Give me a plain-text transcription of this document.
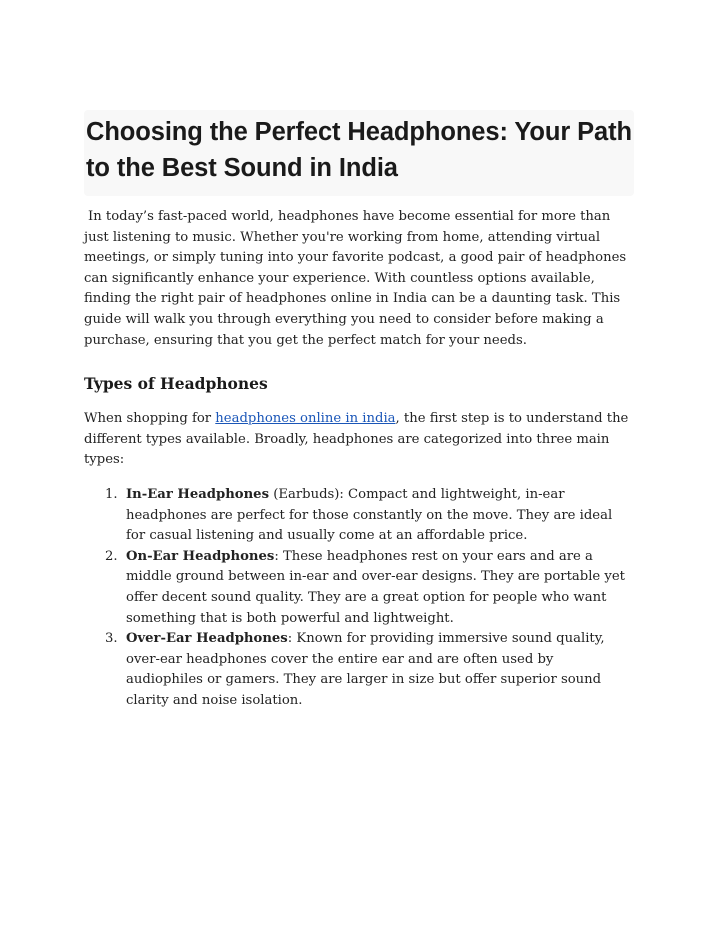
Choosing the Perfect Headphones: Your Path to the Best Sound in India

In today’s fast-paced world, headphones have become essential for more than just listening to music. Whether you're working from home, attending virtual meetings, or simply tuning into your favorite podcast, a good pair of headphones can significantly enhance your experience. With countless options available, finding the right pair of headphones online in India can be a daunting task. This guide will walk you through everything you need to consider before making a purchase, ensuring that you get the perfect match for your needs.

Types of Headphones

When shopping for headphones online in india, the first step is to understand the different types available. Broadly, headphones are categorized into three main types:

1. In-Ear Headphones (Earbuds): Compact and lightweight, in-ear headphones are perfect for those constantly on the move. They are ideal for casual listening and usually come at an affordable price.
2. On-Ear Headphones: These headphones rest on your ears and are a middle ground between in-ear and over-ear designs. They are portable yet offer decent sound quality. They are a great option for people who want something that is both powerful and lightweight.
3. Over-Ear Headphones: Known for providing immersive sound quality, over-ear headphones cover the entire ear and are often used by audiophiles or gamers. They are larger in size but offer superior sound clarity and noise isolation.
